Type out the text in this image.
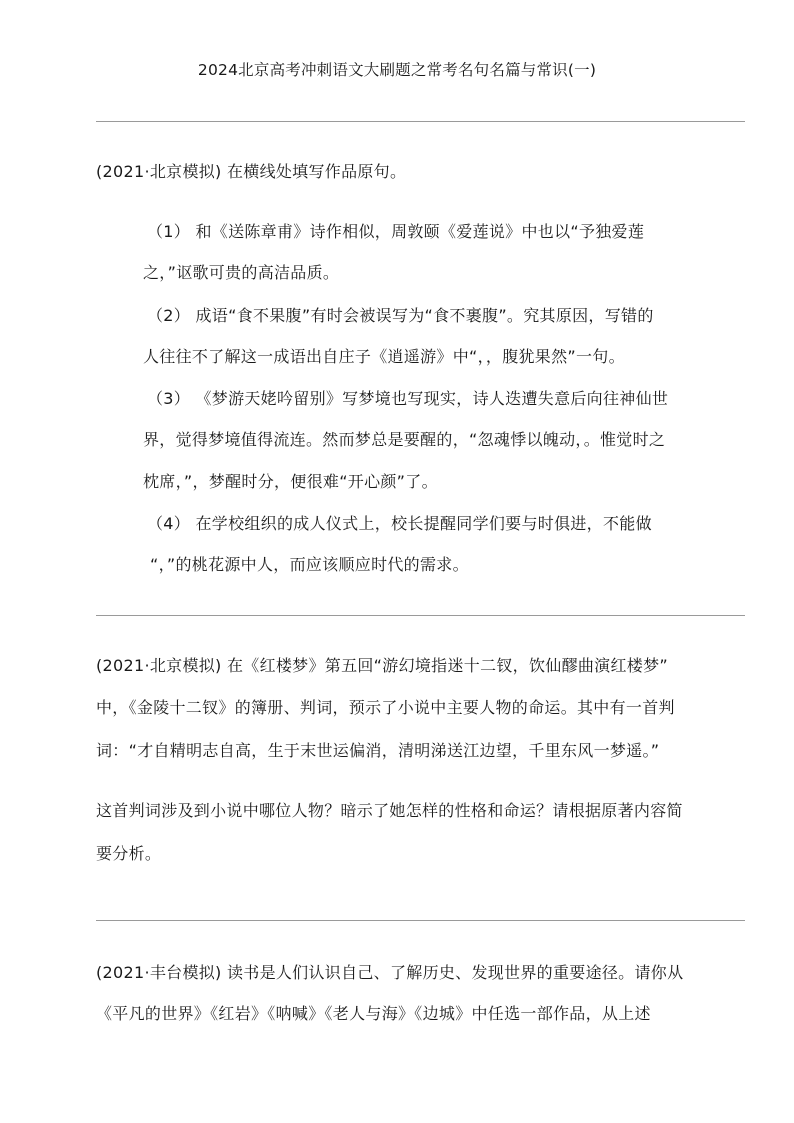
2024北京高考冲刺语文大刷题之常考名句名篇与常识(一)
(2021·北京模拟) 在横线处填写作品原句。
（1） 和《送陈章甫》诗作相似，周敦颐《爱莲说》中也以“予独爱莲
之，”讴歌可贵的高洁品质。
（2） 成语“食不果腹”有时会被误写为“食不裹腹”。究其原因，写错的
人往往不了解这一成语出自庄子《逍遥游》中“，，腹犹果然”一句。
（3） 《梦游天姥吟留别》写梦境也写现实，诗人迭遭失意后向往神仙世
界，觉得梦境值得流连。然而梦总是要醒的，“忽魂悸以魄动，。惟觉时之
枕席，”，梦醒时分，便很难“开心颜”了。
（4） 在学校组织的成人仪式上，校长提醒同学们要与时俱进，不能做
“，”的桃花源中人，而应该顺应时代的需求。
(2021·北京模拟) 在《红楼梦》第五回“游幻境指迷十二钗，饮仙醪曲演红楼梦”
中，《金陵十二钗》的簿册、判词，预示了小说中主要人物的命运。其中有一首判
词：“才自精明志自高，生于末世运偏消，清明涕送江边望，千里东风一梦遥。”
这首判词涉及到小说中哪位人物？暗示了她怎样的性格和命运？请根据原著内容简
要分析。
(2021·丰台模拟) 读书是人们认识自己、了解历史、发现世界的重要途径。请你从
《平凡的世界》《红岩》《呐喊》《老人与海》《边城》中任选一部作品，从上述
